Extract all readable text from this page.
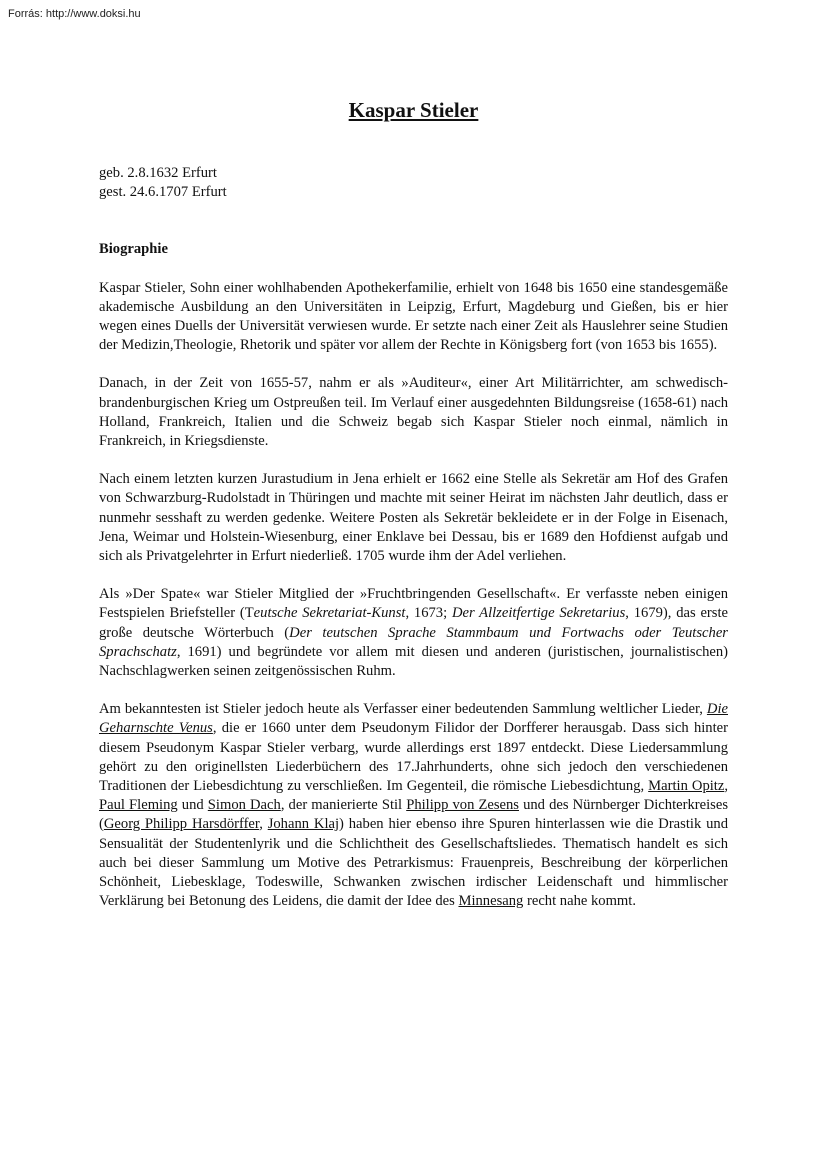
Forrás: http://www.doksi.hu
Kaspar Stieler

geb. 2.8.1632 Erfurt
gest. 24.6.1707 Erfurt

Biographie

Kaspar Stieler, Sohn einer wohlhabenden Apothekerfamilie, erhielt von 1648 bis 1650 eine standesgemäße akademische Ausbildung an den Universitäten in Leipzig, Erfurt, Magdeburg und Gießen, bis er hier wegen eines Duells der Universität verwiesen wurde. Er setzte nach einer Zeit als Hauslehrer seine Studien der Medizin,Theologie, Rhetorik und später vor allem der Rechte in Königsberg fort (von 1653 bis 1655).

Danach, in der Zeit von 1655-57, nahm er als »Auditeur«, einer Art Militärrichter, am schwedisch-brandenburgischen Krieg um Ostpreußen teil. Im Verlauf einer ausgedehnten Bildungsreise (1658-61) nach Holland, Frankreich, Italien und die Schweiz begab sich Kaspar Stieler noch einmal, nämlich in Frankreich, in Kriegsdienste.

Nach einem letzten kurzen Jurastudium in Jena erhielt er 1662 eine Stelle als Sekretär am Hof des Grafen von Schwarzburg-Rudolstadt in Thüringen und machte mit seiner Heirat im nächsten Jahr deutlich, dass er nunmehr sesshaft zu werden gedenke. Weitere Posten als Sekretär bekleidete er in der Folge in Eisenach, Jena, Weimar und Holstein-Wiesenburg, einer Enklave bei Dessau, bis er 1689 den Hofdienst aufgab und sich als Privatgelehrter in Erfurt niederließ. 1705 wurde ihm der Adel verliehen.

Als »Der Spate« war Stieler Mitglied der »Fruchtbringenden Gesellschaft«. Er verfasste neben einigen Festspielen Briefsteller (Teutsche Sekretariat-Kunst, 1673; Der Allzeitfertige Sekretarius, 1679), das erste große deutsche Wörterbuch (Der teutschen Sprache Stammbaum und Fortwachs oder Teutscher Sprachschatz, 1691) und begründete vor allem mit diesen und anderen (juristischen, journalistischen) Nachschlagwerken seinen zeitgenössischen Ruhm.

Am bekanntesten ist Stieler jedoch heute als Verfasser einer bedeutenden Sammlung weltlicher Lieder, Die Geharnschte Venus, die er 1660 unter dem Pseudonym Filidor der Dorfferer herausgab. Dass sich hinter diesem Pseudonym Kaspar Stieler verbarg, wurde allerdings erst 1897 entdeckt. Diese Liedersammlung gehört zu den originellsten Liederbüchern des 17.Jahrhunderts, ohne sich jedoch den verschiedenen Traditionen der Liebesdichtung zu verschließen. Im Gegenteil, die römische Liebesdichtung, Martin Opitz, Paul Fleming und Simon Dach, der manierierte Stil Philipp von Zesens und des Nürnberger Dichterkreises (Georg Philipp Harsdörffer, Johann Klaj) haben hier ebenso ihre Spuren hinterlassen wie die Drastik und Sensualität der Studentenlyrik und die Schlichtheit des Gesellschaftsliedes. Thematisch handelt es sich auch bei dieser Sammlung um Motive des Petrarkismus: Frauenpreis, Beschreibung der körperlichen Schönheit, Liebesklage, Todeswille, Schwanken zwischen irdischer Leidenschaft und himmlischer Verklärung bei Betonung des Leidens, die damit der Idee des Minnesang recht nahe kommt.
